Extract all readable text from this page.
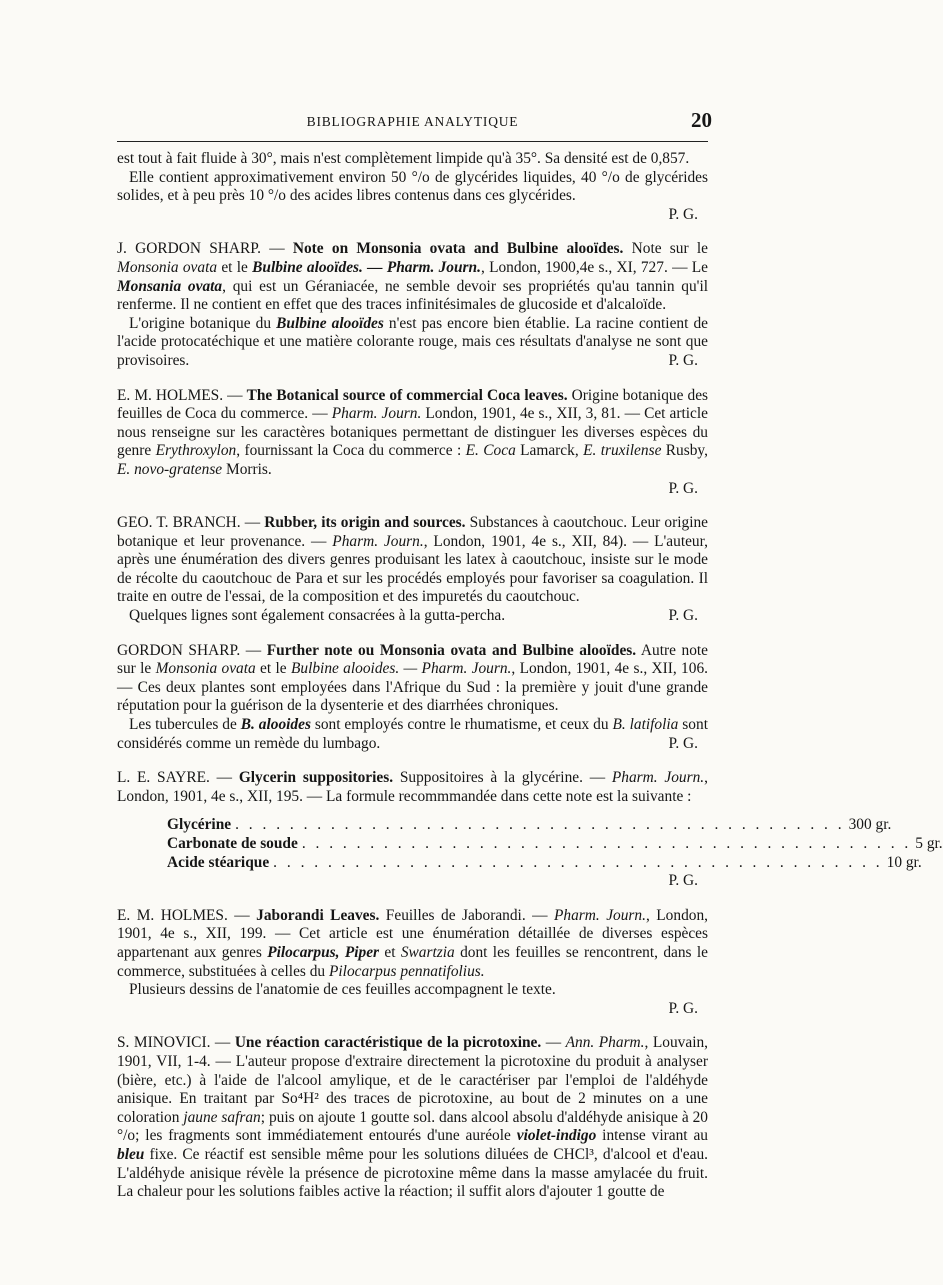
BIBLIOGRAPHIE ANALYTIQUE	20

est tout à fait fluide à 30°, mais n'est complètement limpide qu'à 35°. Sa densité est de 0,857.

Elle contient approximativement environ 50 °/o de glycérides liquides, 40 °/o de glycérides solides, et à peu près 10 °/o des acides libres contenus dans ces glycérides.

P. G.

J. GORDON SHARP. — Note on Monsonia ovata and Bulbine alooïdes. Note sur le Monsonia ovata et le Bulbine alooïdes. — Pharm. Journ., London, 1900,4e s., XI, 727. — Le Monsania ovata, qui est un Géraniacée, ne semble devoir ses propriétés qu'au tannin qu'il renferme. Il ne contient en effet que des traces infinitésimales de glucoside et d'alcaloïde.

L'origine botanique du Bulbine alooïdes n'est pas encore bien établie. La racine contient de l'acide protocatéchique et une matière colorante rouge, mais ces résultats d'analyse ne sont que provisoires.	P. G.

E. M. HOLMES. — The Botanical source of commercial Coca leaves. Origine botanique des feuilles de Coca du commerce. — Pharm. Journ. London, 1901, 4e s., XII, 3, 81. — Cet article nous renseigne sur les caractères botaniques permettant de distinguer les diverses espèces du genre Erythroxylon, fournissant la Coca du commerce : E. Coca Lamarck, E. truxilense Rusby, E. novo-gratense Morris.

P. G.

GEO. T. BRANCH. — Rubber, its origin and sources. Substances à caoutchouc. Leur origine botanique et leur provenance. — Pharm. Journ., London, 1901, 4e s., XII, 84). — L'auteur, après une énumération des divers genres produisant les latex à caoutchouc, insiste sur le mode de récolte du caoutchouc de Para et sur les procédés employés pour favoriser sa coagulation. Il traite en outre de l'essai, de la composition et des impuretés du caoutchouc.

Quelques lignes sont également consacrées à la gutta-percha.	P. G.

GORDON SHARP. — Further note ou Monsonia ovata and Bulbine alooïdes. Autre note sur le Monsonia ovata et le Bulbine alooides. — Pharm. Journ., London, 1901, 4e s., XII, 106. — Ces deux plantes sont employées dans l'Afrique du Sud : la première y jouit d'une grande réputation pour la guérison de la dysenterie et des diarrhées chroniques.

Les tubercules de B. alooides sont employés contre le rhumatisme, et ceux du B. latifolia sont considérés comme un remède du lumbago.	P. G.

L. E. SAYRE. — Glycerin suppositories. Suppositoires à la glycérine. — Pharm. Journ., London, 1901, 4e s., XII, 195. — La formule recommmandée dans cette note est la suivante :

Glycérine . . . . . . . . . . . . . . . . . . . . . . . . . . . . . . . . . . . . . . . . . . . . . 300 gr.
Carbonate de soude . . . . . . . . . . . . . . . . . . . . . . . . . . . . . . . . . . . . . . . . . . . . . 5 gr.
Acide stéarique . . . . . . . . . . . . . . . . . . . . . . . . . . . . . . . . . . . . . . . . . . . . . 10 gr.

P. G.

E. M. HOLMES. — Jaborandi Leaves. Feuilles de Jaborandi. — Pharm. Journ., London, 1901, 4e s., XII, 199. — Cet article est une énumération détaillée de diverses espèces appartenant aux genres Pilocarpus, Piper et Swartzia dont les feuilles se rencontrent, dans le commerce, substituées à celles du Pilocarpus pennatifolius.

Plusieurs dessins de l'anatomie de ces feuilles accompagnent le texte.

P. G.

S. MINOVICI. — Une réaction caractéristique de la picrotoxine. — Ann. Pharm., Louvain, 1901, VII, 1-4. — L'auteur propose d'extraire directement la picrotoxine du produit à analyser (bière, etc.) à l'aide de l'alcool amylique, et de le caractériser par l'emploi de l'aldéhyde anisique. En traitant par So⁴H² des traces de picrotoxine, au bout de 2 minutes on a une coloration jaune safran; puis on ajoute 1 goutte sol. dans alcool absolu d'aldéhyde anisique à 20 °/o; les fragments sont immédiatement entourés d'une auréole violet-indigo intense virant au bleu fixe. Ce réactif est sensible même pour les solutions diluées de CHCl³, d'alcool et d'eau. L'aldéhyde anisique révèle la présence de picrotoxine même dans la masse amylacée du fruit. La chaleur pour les solutions faibles active la réaction; il suffit alors d'ajouter 1 goutte de
